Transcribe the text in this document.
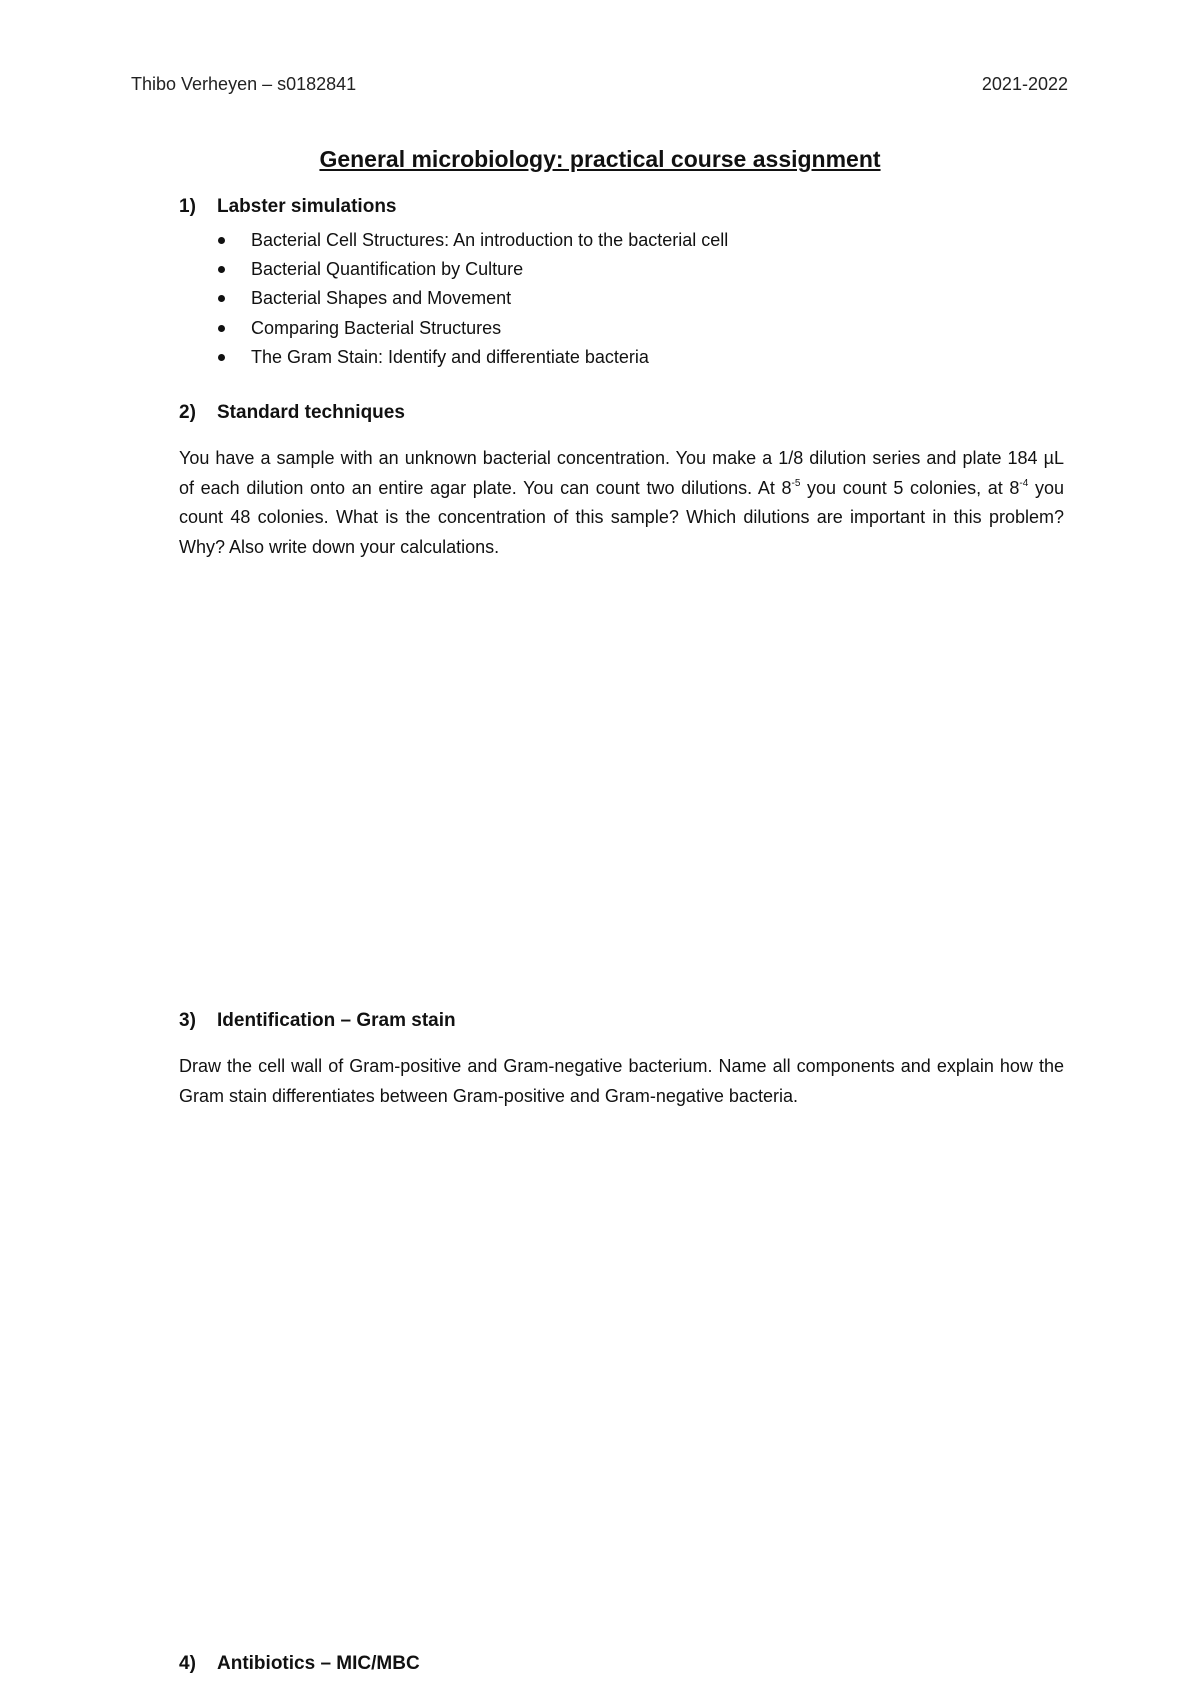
Thibo Verheyen – s0182841	2021-2022
General microbiology: practical course assignment
1)	Labster simulations
Bacterial Cell Structures: An introduction to the bacterial cell
Bacterial Quantification by Culture
Bacterial Shapes and Movement
Comparing Bacterial Structures
The Gram Stain: Identify and differentiate bacteria
2)	Standard techniques

You have a sample with an unknown bacterial concentration. You make a 1/8 dilution series and plate 184 µL of each dilution onto an entire agar plate. You can count two dilutions. At $8^{-5}$ you count 5 colonies, at $8^{-4}$ you count 48 colonies. What is the concentration of this sample? Which dilutions are important in this problem? Why? Also write down your calculations.

3)	Identification – Gram stain

Draw the cell wall of Gram-positive and Gram-negative bacterium. Name all components and explain how the Gram stain differentiates between Gram-positive and Gram-negative bacteria.

4)	Antibiotics – MIC/MBC
